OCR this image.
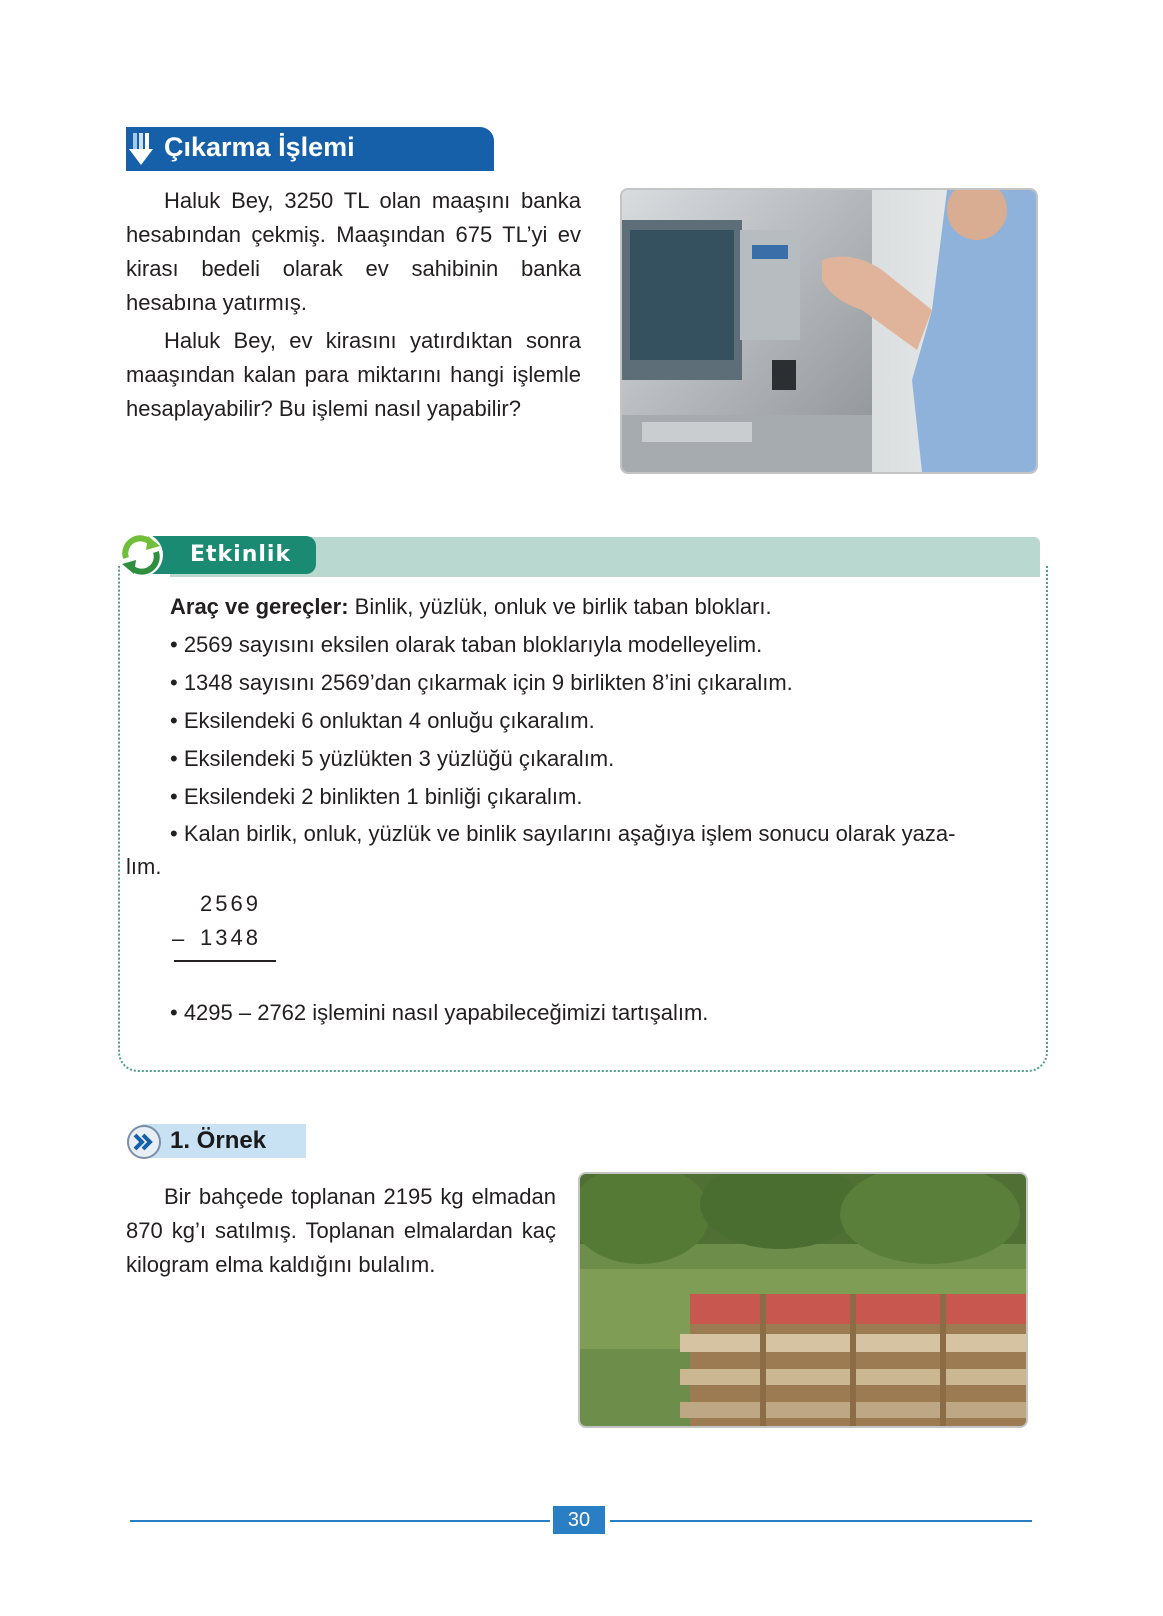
Çıkarma İşlemi

Haluk Bey, 3250 TL olan maaşını banka hesabından çekmiş. Maaşından 675 TL’yi ev kirası bedeli olarak ev sahibinin banka hesabına yatırmış.

Haluk Bey, ev kirasını yatırdıktan sonra maaşından kalan para miktarını hangi işlemle hesaplayabilir? Bu işlemi nasıl yapabilir?

Etkinlik
Araç ve gereçler: Binlik, yüzlük, onluk ve birlik taban blokları.
• 2569 sayısını eksilen olarak taban bloklarıyla modelleyelim.
• 1348 sayısını 2569’dan çıkarmak için 9 birlikten 8’ini çıkaralım.
• Eksilendeki 6 onluktan 4 onluğu çıkaralım.
• Eksilendeki 5 yüzlükten 3 yüzlüğü çıkaralım.
• Eksilendeki 2 binlikten 1 binliği çıkaralım.
• Kalan birlik, onluk, yüzlük ve binlik sayılarını aşağıya işlem sonucu olarak yaza-
lım.
2569
– 1348
• 4295 – 2762 işlemini nasıl yapabileceğimizi tartışalım.
1. Örnek

Bir bahçede toplanan 2195 kg elmadan 870 kg’ı satılmış. Toplanan elmalardan kaç kilogram elma kaldığını bulalım.

30
